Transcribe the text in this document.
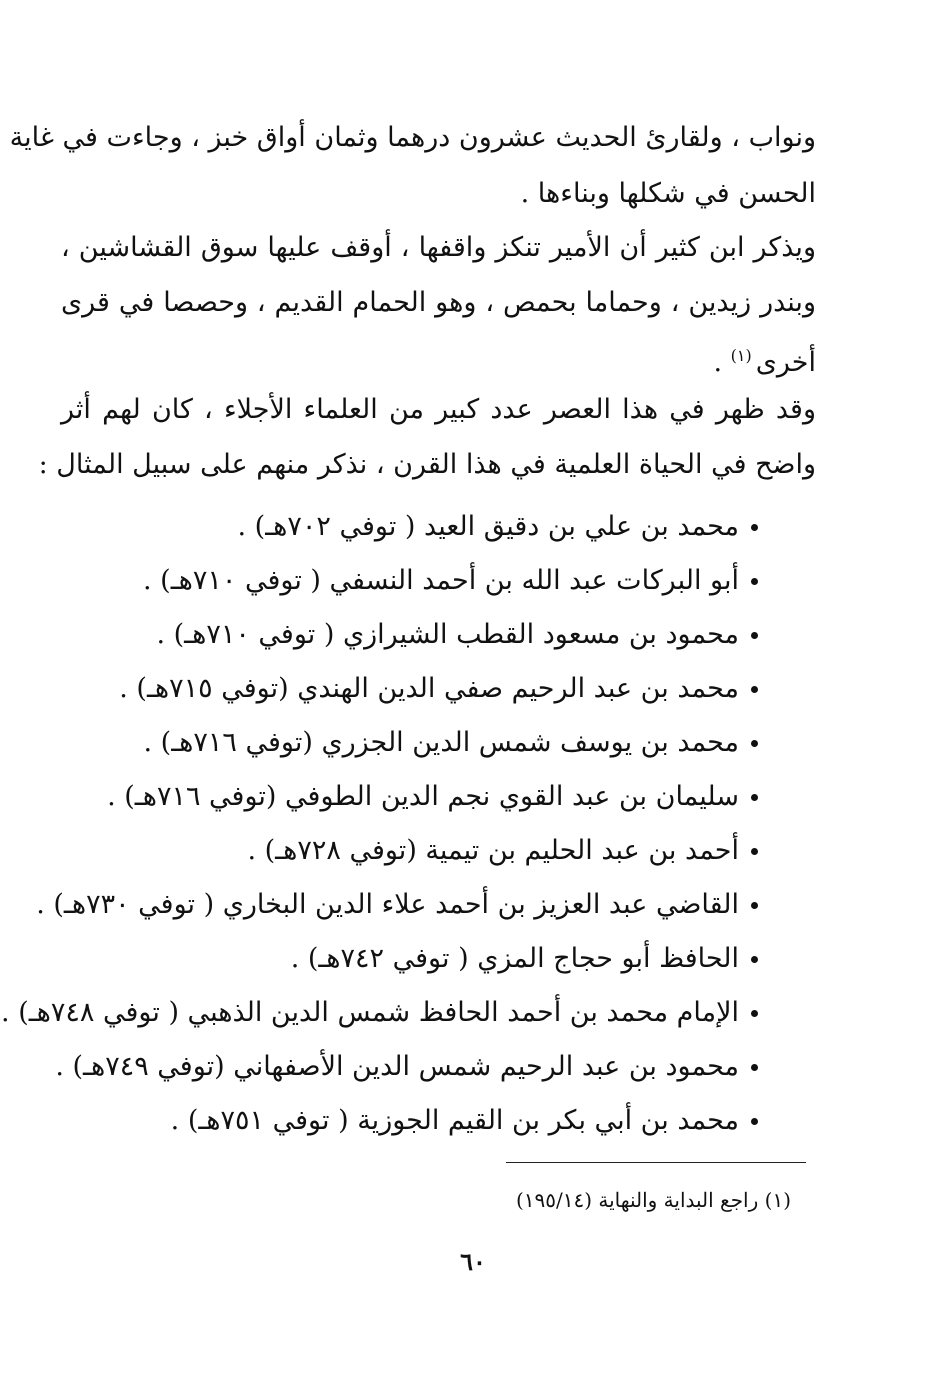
ونواب ، ولقارئ الحديث عشرون درهما وثمان أواق خبز ، وجاءت في غاية
الحسن في شكلها وبناءها .
ويذكر ابن كثير أن الأمير تنكز واقفها ، أوقف عليها سوق القشاشين ،
وبندر زيدين ، وحماما بحمص ، وهو الحمام القديم ، وحصصا في قرى
أخرى$^{(١)}$ .
وقد ظهر في هذا العصر عدد كبير من العلماء الأجلاء ، كان لهم أثر
واضح في الحياة العلمية في هذا القرن ، نذكر منهم على سبيل المثال :
محمد بن علي بن دقيق العيد ( توفي ٧٠٢هـ) .
أبو البركات عبد الله بن أحمد النسفي ( توفي ٧١٠هـ) .
محمود بن مسعود القطب الشيرازي ( توفي ٧١٠هـ) .
محمد بن عبد الرحيم صفي الدين الهندي (توفي ٧١٥هـ) .
محمد بن يوسف شمس الدين الجزري (توفي ٧١٦هـ) .
سليمان بن عبد القوي نجم الدين الطوفي (توفي ٧١٦هـ) .
أحمد بن عبد الحليم بن تيمية (توفي ٧٢٨هـ) .
القاضي عبد العزيز بن أحمد علاء الدين البخاري ( توفي ٧٣٠هـ) .
الحافظ أبو حجاج المزي ( توفي ٧٤٢هـ) .
الإمام محمد بن أحمد الحافظ شمس الدين الذهبي ( توفي ٧٤٨هـ) .
محمود بن عبد الرحيم شمس الدين الأصفهاني (توفي ٧٤٩هـ) .
محمد بن أبي بكر بن القيم الجوزية ( توفي ٧٥١هـ) .
(١) راجع البداية والنهاية (١٩٥/١٤)
٦٠
